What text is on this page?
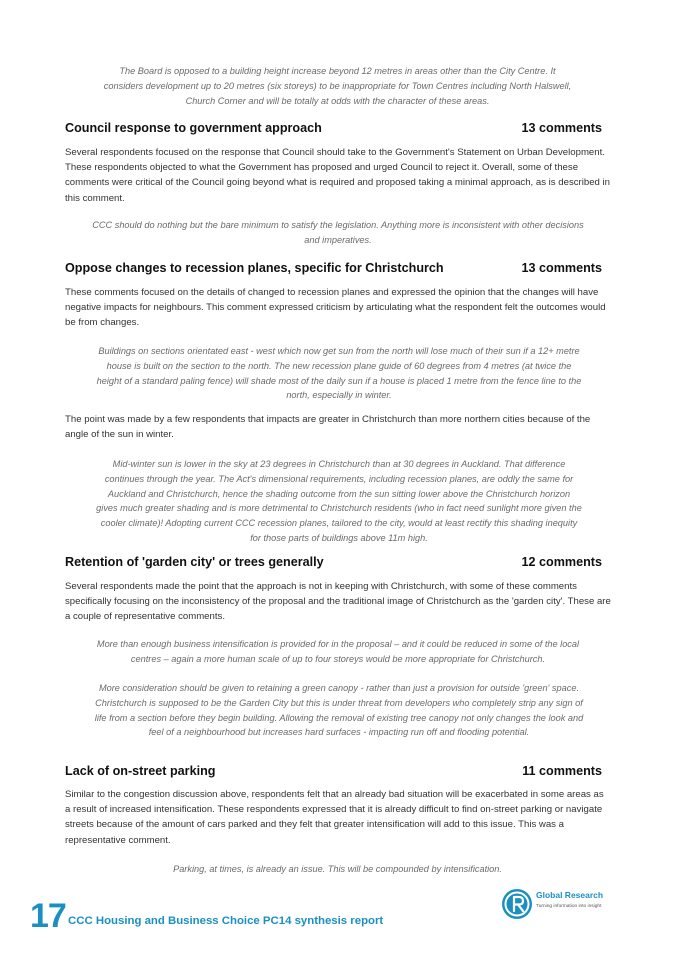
The Board is opposed to a building height increase beyond 12 metres in areas other than the City Centre. It considers development up to 20 metres (six storeys) to be inappropriate for Town Centres including North Halswell, Church Corner and will be totally at odds with the character of these areas.
Council response to government approach	13 comments
Several respondents focused on the response that Council should take to the Government's Statement on Urban Development. These respondents objected to what the Government has proposed and urged Council to reject it. Overall, some of these comments were critical of the Council going beyond what is required and proposed taking a minimal approach, as is described in this comment.
CCC should do nothing but the bare minimum to satisfy the legislation. Anything more is inconsistent with other decisions and imperatives.
Oppose changes to recession planes, specific for Christchurch	13 comments
These comments focused on the details of changed to recession planes and expressed the opinion that the changes will have negative impacts for neighbours. This comment expressed criticism by articulating what the respondent felt the outcomes would be from changes.
Buildings on sections orientated east - west which now get sun from the north will lose much of their sun if a 12+ metre house is built on the section to the north. The new recession plane guide of 60 degrees from 4 metres (at twice the height of a standard paling fence) will shade most of the daily sun if a house is placed 1 metre from the fence line to the north, especially in winter.
The point was made by a few respondents that impacts are greater in Christchurch than more northern cities because of the angle of the sun in winter.
Mid-winter sun is lower in the sky at 23 degrees in Christchurch than at 30 degrees in Auckland. That difference continues through the year. The Act's dimensional requirements, including recession planes, are oddly the same for Auckland and Christchurch, hence the shading outcome from the sun sitting lower above the Christchurch horizon gives much greater shading and is more detrimental to Christchurch residents (who in fact need sunlight more given the cooler climate)! Adopting current CCC recession planes, tailored to the city, would at least rectify this shading inequity for those parts of buildings above 11m high.
Retention of 'garden city' or trees generally	12 comments
Several respondents made the point that the approach is not in keeping with Christchurch, with some of these comments specifically focusing on the inconsistency of the proposal and the traditional image of Christchurch as the 'garden city'. These are a couple of representative comments.
More than enough business intensification is provided for in the proposal – and it could be reduced in some of the local centres – again a more human scale of up to four storeys would be more appropriate for Christchurch.
More consideration should be given to retaining a green canopy - rather than just a provision for outside 'green' space. Christchurch is supposed to be the Garden City but this is under threat from developers who completely strip any sign of life from a section before they begin building. Allowing the removal of existing tree canopy not only changes the look and feel of a neighbourhood but increases hard surfaces - impacting run off and flooding potential.
Lack of on-street parking	11 comments
Similar to the congestion discussion above, respondents felt that an already bad situation will be exacerbated in some areas as a result of increased intensification. These respondents expressed that it is already difficult to find on-street parking or navigate streets because of the amount of cars parked and they felt that greater intensification will add to this issue. This was a representative comment.
Parking, at times, is already an issue. This will be compounded by intensification.
Global Research
Turning information into insight
17 CCC Housing and Business Choice PC14 synthesis report
